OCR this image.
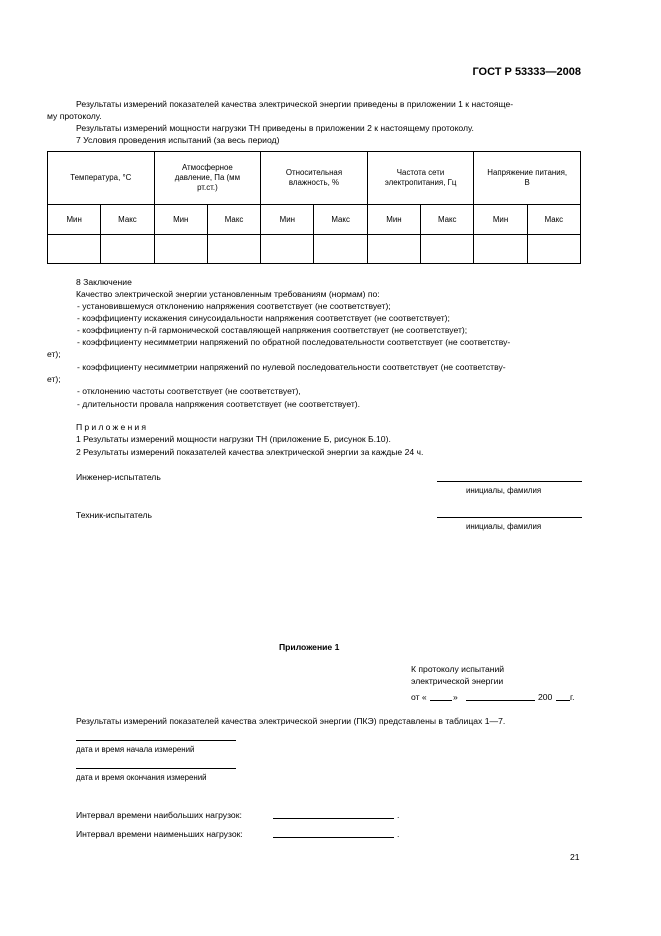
ГОСТ Р 53333—2008
Результаты измерений показателей качества электрической энергии приведены в приложении 1 к настояще-
му протоколу.
Результаты измерений мощности нагрузки ТН приведены в приложении 2 к настоящему протоколу.
7 Условия проведения испытаний (за весь период)
Температура, °С		Атмосферное
давление, Па (мм
рт.ст.)		Относительная
влажность, %		Частота сети
электропитания, Гц		Напряжение питания,
В	
Мин	Макс	Мин	Макс	Мин	Макс	Мин	Макс	Мин	Макс

8 Заключение
Качество электрической энергии установленным требованиям (нормам) по:
- установившемуся отклонению напряжения соответствует (не соответствует);
- коэффициенту искажения синусоидальности напряжения соответствует (не соответствует);
- коэффициенту n-й гармонической составляющей напряжения соответствует (не соответствует);
- коэффициенту несимметрии напряжений по обратной последовательности соответствует (не соответству-
ет);
- коэффициенту несимметрии напряжений по нулевой последовательности соответствует (не соответству-
ет);
- отклонению частоты соответствует (не соответствует),
- длительности провала напряжения соответствует (не соответствует).
Приложения
1 Результаты измерений мощности нагрузки ТН (приложение Б, рисунок Б.10).
2 Результаты измерений показателей качества электрической энергии за каждые 24 ч.
Инженер-испытатель
инициалы, фамилия
Техник-испытатель
инициалы, фамилия
Приложение 1
К протоколу испытаний
электрической энергии
от «	»	200 г.
Результаты измерений показателей качества электрической энергии (ПКЭ) представлены в таблицах 1—7.
дата и время начала измерений
дата и время окончания измерений
Интервал времени наибольших нагрузок:	.
Интервал времени наименьших нагрузок:	.
21
